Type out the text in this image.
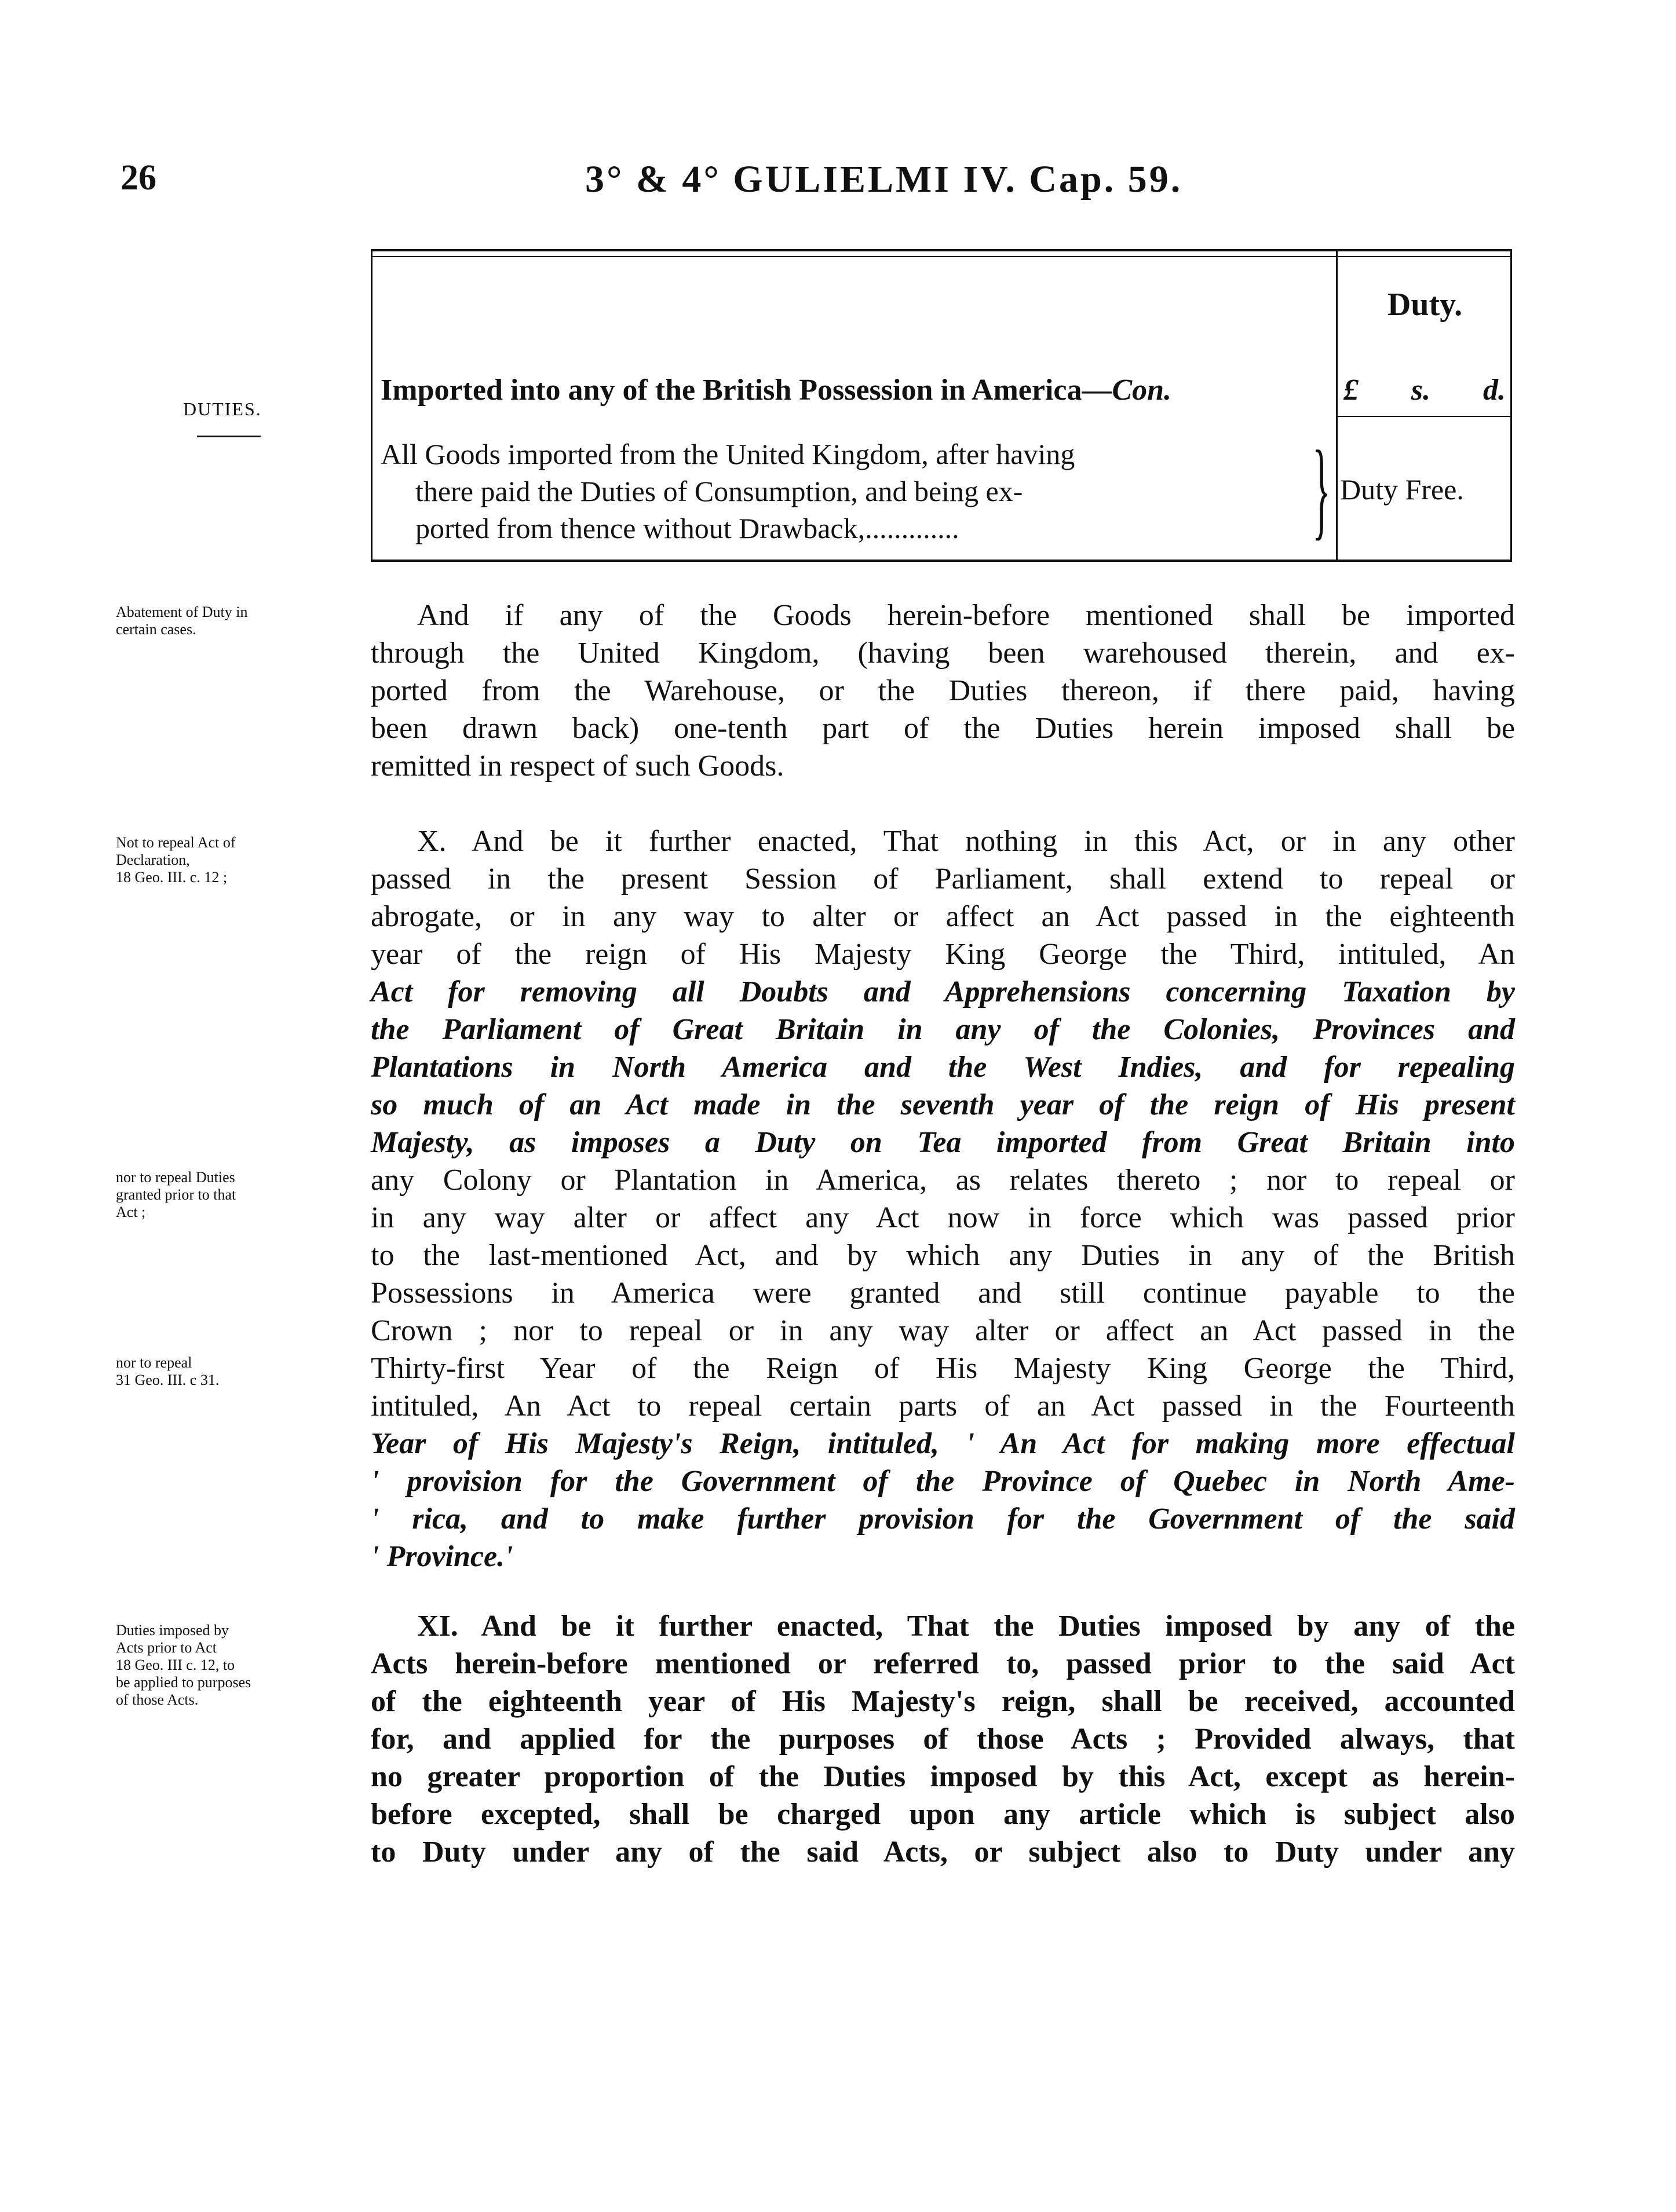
26	3° & 4° GULIELMI IV. Cap. 59.
DUTIES.
Duty.
Imported into any of the British Possession in America—Con.	£ s. d.
All Goods imported from the United Kingdom, after having
there paid the Duties of Consumption, and being ex-
ported from thence without Drawback,.............	} Duty Free.
Abatement of Duty in
certain cases.
Not to repeal Act of
Declaration,
18 Geo. III. c. 12 ;
nor to repeal Duties
granted prior to that
Act ;
nor to repeal
31 Geo. III. c 31.
Duties imposed by
Acts prior to Act
18 Geo. III c. 12, to
be applied to purposes
of those Acts.
And if any of the Goods herein-before mentioned shall be imported
through the United Kingdom, (having been warehoused therein, and ex-
ported from the Warehouse, or the Duties thereon, if there paid, having
been drawn back) one-tenth part of the Duties herein imposed shall be
remitted in respect of such Goods.
X. And be it further enacted, That nothing in this Act, or in any other
passed in the present Session of Parliament, shall extend to repeal or
abrogate, or in any way to alter or affect an Act passed in the eighteenth
year of the reign of His Majesty King George the Third, intituled, An
Act for removing all Doubts and Apprehensions concerning Taxation by
the Parliament of Great Britain in any of the Colonies, Provinces and
Plantations in North America and the West Indies, and for repealing
so much of an Act made in the seventh year of the reign of His present
Majesty, as imposes a Duty on Tea imported from Great Britain into
any Colony or Plantation in America, as relates thereto ; nor to repeal or
in any way alter or affect any Act now in force which was passed prior
to the last-mentioned Act, and by which any Duties in any of the British
Possessions in America were granted and still continue payable to the
Crown ; nor to repeal or in any way alter or affect an Act passed in the
Thirty-first Year of the Reign of His Majesty King George the Third,
intituled, An Act to repeal certain parts of an Act passed in the Fourteenth
Year of His Majesty's Reign, intituled, ' An Act for making more effectual
' provision for the Government of the Province of Quebec in North Ame-
' rica, and to make further provision for the Government of the said
' Province.'
XI. And be it further enacted, That the Duties imposed by any of the
Acts herein-before mentioned or referred to, passed prior to the said Act
of the eighteenth year of His Majesty's reign, shall be received, accounted
for, and applied for the purposes of those Acts ; Provided always, that
no greater proportion of the Duties imposed by this Act, except as herein-
before excepted, shall be charged upon any article which is subject also
to Duty under any of the said Acts, or subject also to Duty under any
